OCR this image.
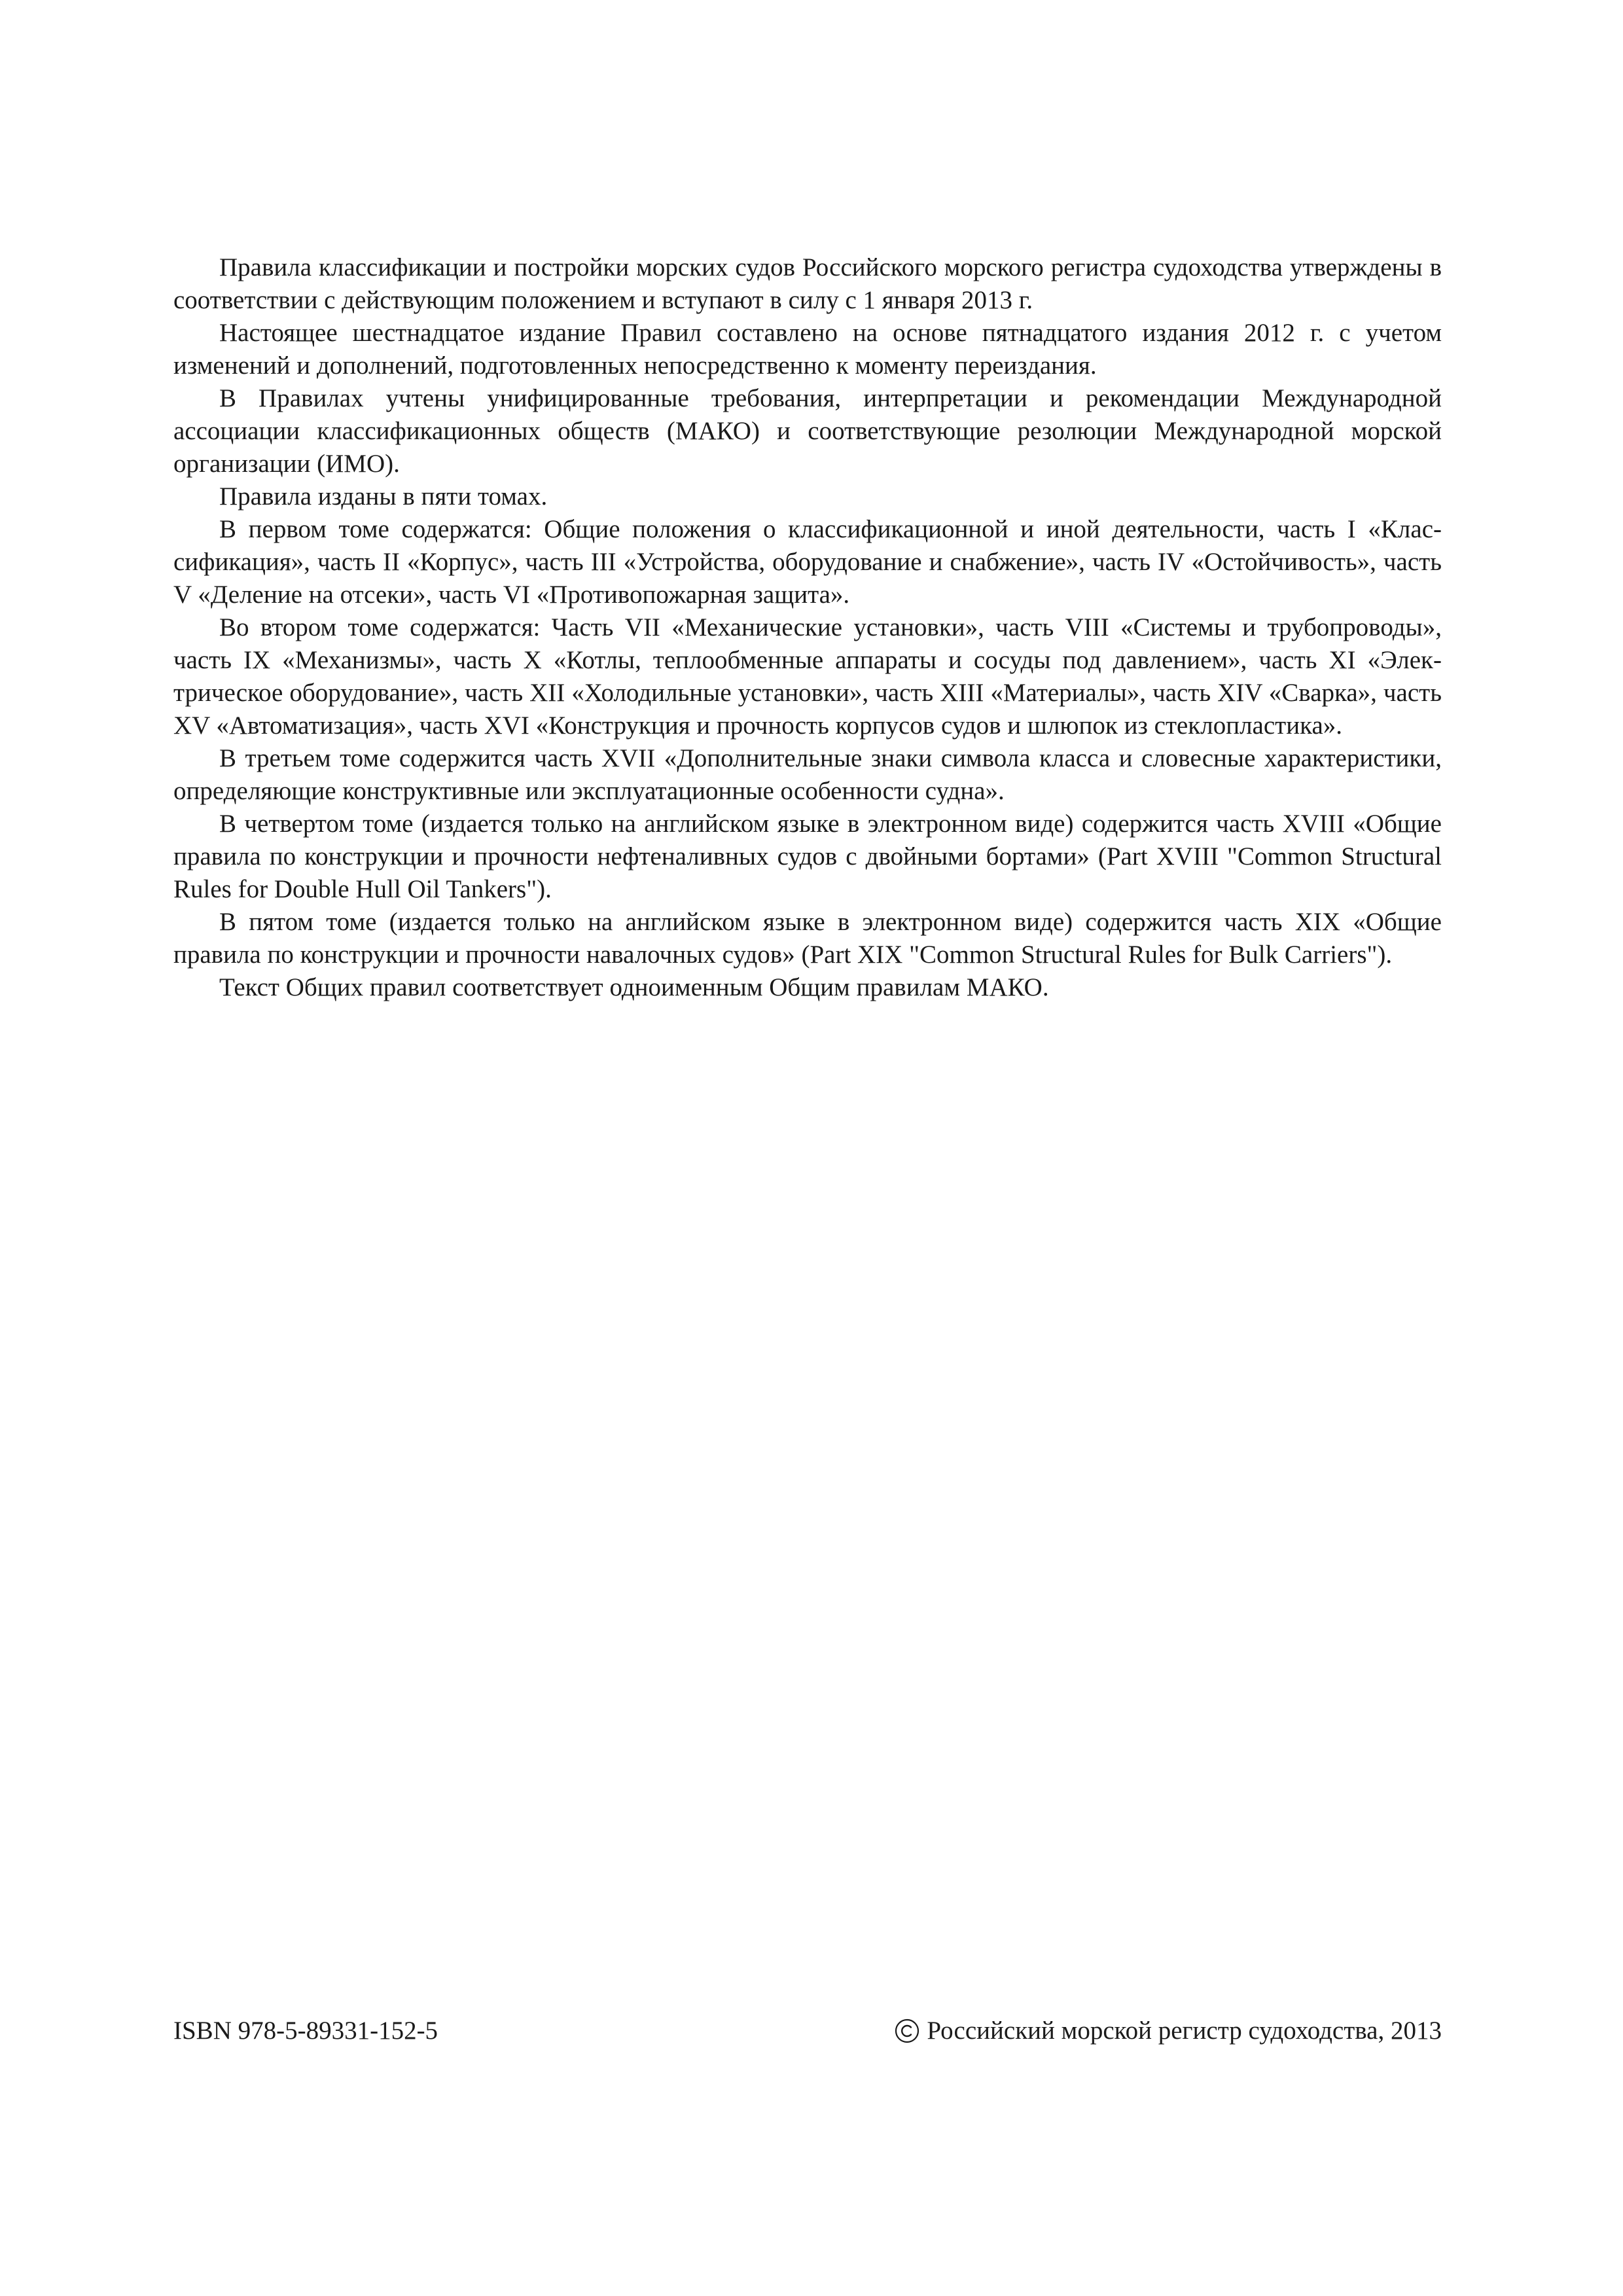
Правила классификации и постройки морских судов Российского морского регистра судоходства утверждены в соответствии с действующим положением и вступают в силу с 1 января 2013 г.

Настоящее шестнадцатое издание Правил составлено на основе пятнадцатого издания 2012 г. с учетом изменений и дополнений, подготовленных непосредственно к моменту переиздания.

В Правилах учтены унифицированные требования, интерпретации и рекомендации Международной ассоциации классификационных обществ (МАКО) и соответствующие резолюции Международной морской организации (ИМО).

Правила изданы в пяти томах.

В первом томе содержатся: Общие положения о классификационной и иной деятельности, часть I «Классификация», часть II «Корпус», часть III «Устройства, оборудование и снабжение», часть IV «Остойчивость», часть V «Деление на отсеки», часть VI «Противопожарная защита».

Во втором томе содержатся: Часть VII «Механические установки», часть VIII «Системы и трубопроводы», часть IX «Механизмы», часть X «Котлы, теплообменные аппараты и сосуды под давлением», часть XI «Электрическое оборудование», часть XII «Холодильные установки», часть XIII «Материалы», часть XIV «Сварка», часть XV «Автоматизация», часть XVI «Конструкция и прочность корпусов судов и шлюпок из стеклопластика».

В третьем томе содержится часть XVII «Дополнительные знаки символа класса и словесные характеристики, определяющие конструктивные или эксплуатационные особенности судна».

В четвертом томе (издается только на английском языке в электронном виде) содержится часть XVIII «Общие правила по конструкции и прочности нефтеналивных судов с двойными бортами» (Part XVIII "Common Structural Rules for Double Hull Oil Tankers").

В пятом томе (издается только на английском языке в электронном виде) содержится часть XIX «Общие правила по конструкции и прочности навалочных судов» (Part XIX "Common Structural Rules for Bulk Carriers").

Текст Общих правил соответствует одноименным Общим правилам МАКО.

ISBN 978-5-89331-152-5	Российский морской регистр судоходства, 2013
